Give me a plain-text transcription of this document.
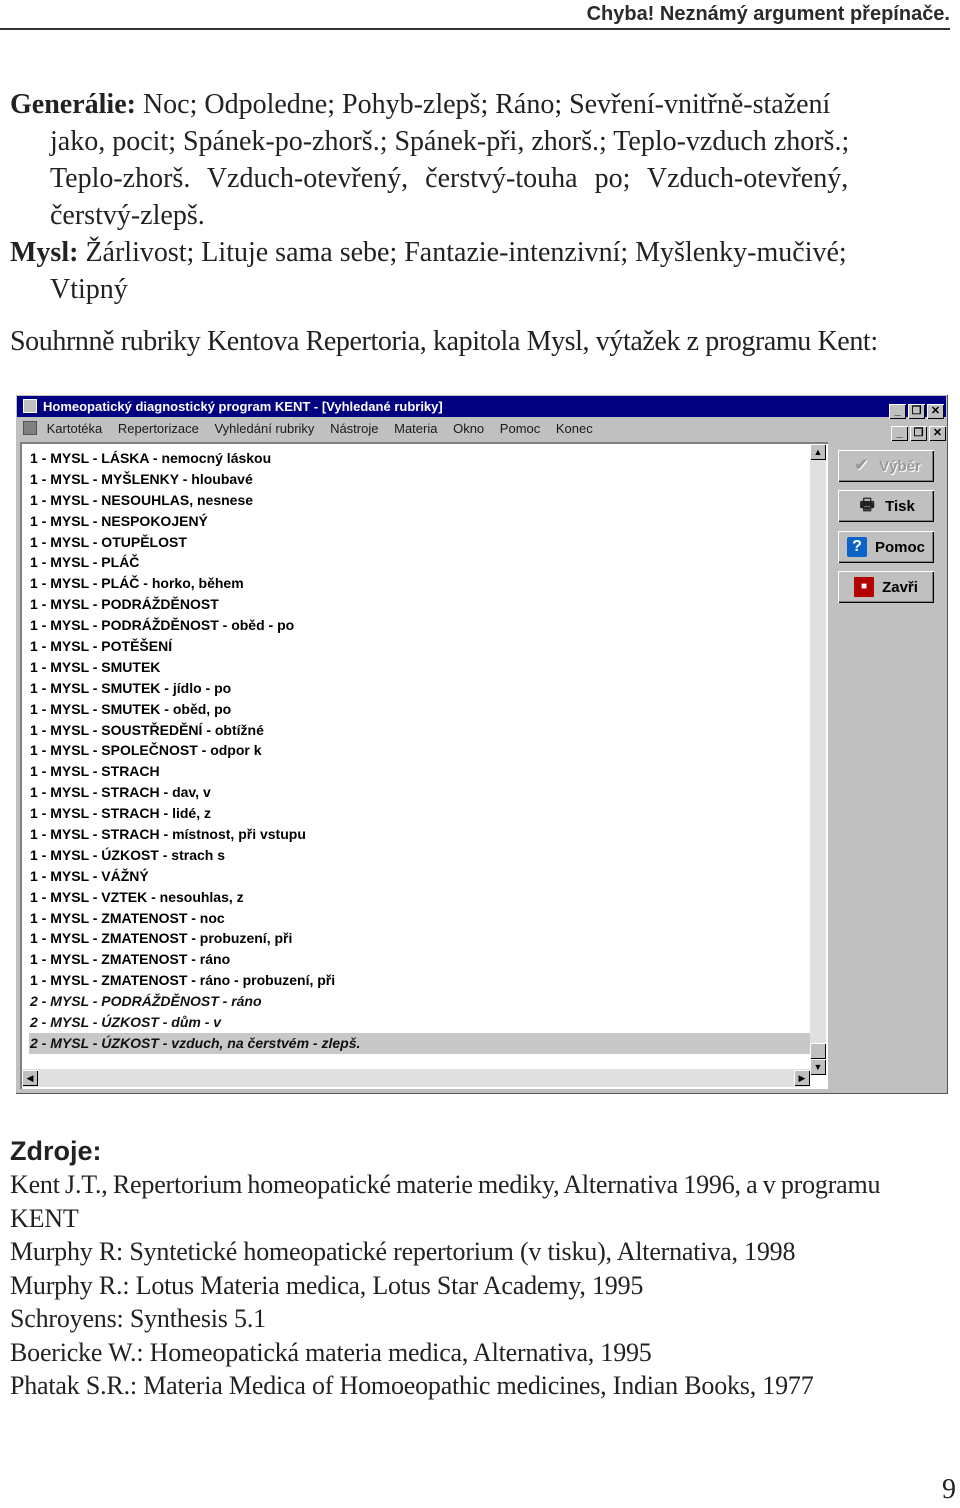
Chyba! Neznámý argument přepínače.
Generálie: Noc; Odpoledne; Pohyb-zlepš; Ráno; Sevření-vnitřně-stažení
jako, pocit; Spánek-po-zhorš.; Spánek-při, zhorš.; Teplo-vzduch zhorš.;
Teplo-zhorš. Vzduch-otevřený, čerstvý-touha po; Vzduch-otevřený,
čerstvý-zlepš.
Mysl: Žárlivost; Lituje sama sebe; Fantazie-intenzivní; Myšlenky-mučivé;
Vtipný
Souhrnně rubriky Kentova Repertoria, kapitola Mysl, výtažek z programu Kent:
Homeopatický diagnostický program KENT - [Vyhledané rubriky]	_ ❐ ✕
Kartotéka Repertorizace Vyhledání rubriky Nástroje Materia Okno Pomoc Konec	_ ❐ ✕
1 - MYSL - LÁSKA - nemocný láskou
1 - MYSL - MYŠLENKY - hloubavé
1 - MYSL - NESOUHLAS, nesnese
1 - MYSL - NESPOKOJENÝ
1 - MYSL - OTUPĚLOST
1 - MYSL - PLÁČ
1 - MYSL - PLÁČ - horko, během
1 - MYSL - PODRÁŽDĚNOST
1 - MYSL - PODRÁŽDĚNOST - oběd - po
1 - MYSL - POTĚŠENÍ
1 - MYSL - SMUTEK
1 - MYSL - SMUTEK - jídlo - po
1 - MYSL - SMUTEK - oběd, po
1 - MYSL - SOUSTŘEDĚNÍ - obtížné
1 - MYSL - SPOLEČNOST - odpor k
1 - MYSL - STRACH
1 - MYSL - STRACH - dav, v
1 - MYSL - STRACH - lidé, z
1 - MYSL - STRACH - místnost, při vstupu
1 - MYSL - ÚZKOST - strach s
1 - MYSL - VÁŽNÝ
1 - MYSL - VZTEK - nesouhlas, z
1 - MYSL - ZMATENOST - noc
1 - MYSL - ZMATENOST - probuzení, při
1 - MYSL - ZMATENOST - ráno
1 - MYSL - ZMATENOST - ráno - probuzení, při
2 - MYSL - PODRÁŽDĚNOST - ráno
2 - MYSL - ÚZKOST - dům - v
2 - MYSL - ÚZKOST - vzduch, na čerstvém - zlepš.
▲
▼
◀	▶
✔ Výběr
🖶 Tisk
? Pomoc
■ Zavři
Zdroje:
Kent J.T., Repertorium homeopatické materie mediky, Alternativa 1996, a v programu
KENT
Murphy R: Syntetické homeopatické repertorium (v tisku), Alternativa, 1998
Murphy R.: Lotus Materia medica, Lotus Star Academy, 1995
Schroyens: Synthesis 5.1
Boericke W.: Homeopatická materia medica, Alternativa, 1995
Phatak S.R.: Materia Medica of Homoeopathic medicines, Indian Books, 1977
9
